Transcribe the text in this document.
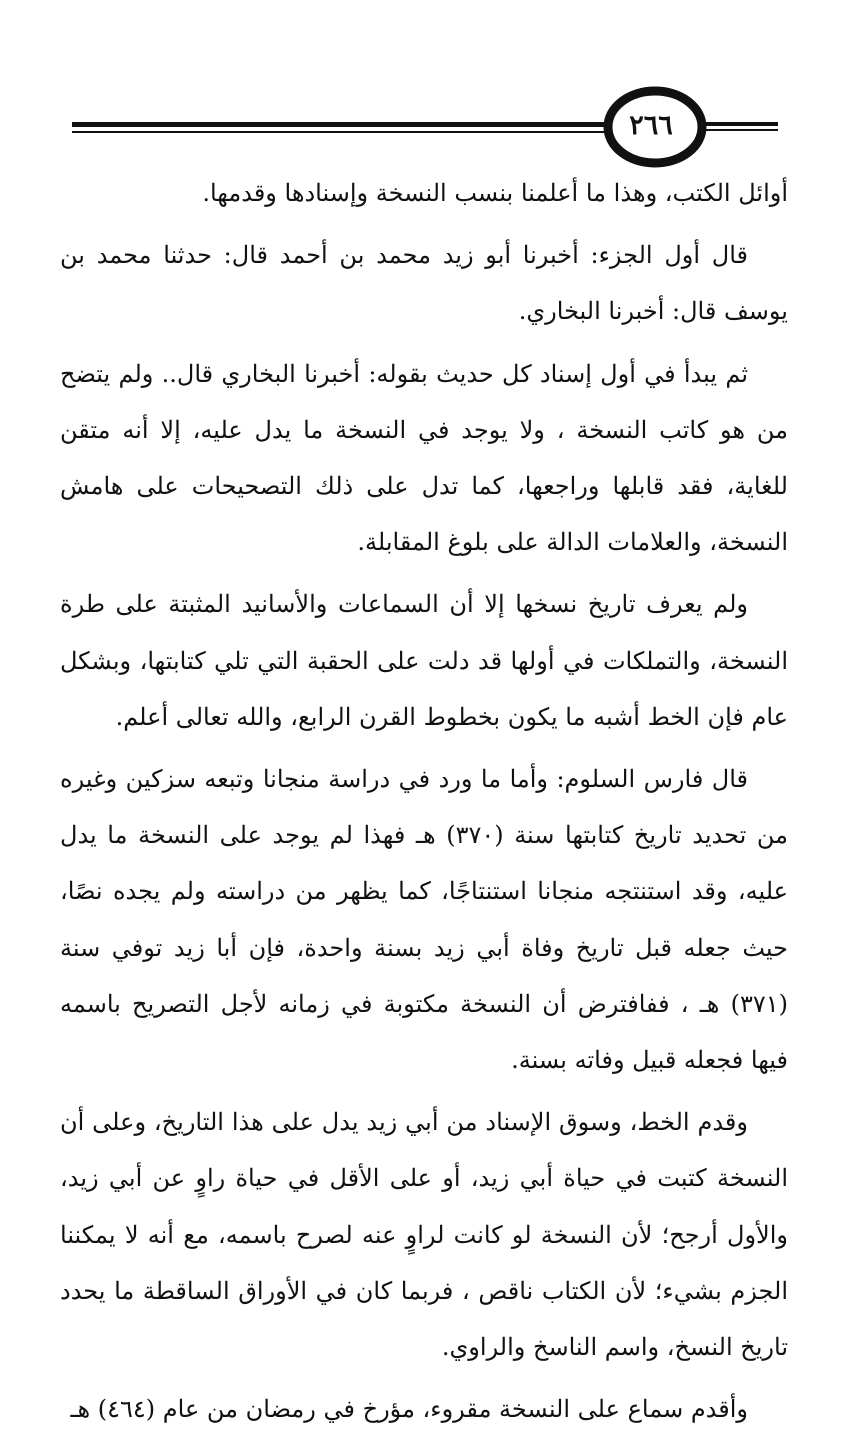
٢٦٦

أوائل الكتب، وهذا ما أعلمنا بنسب النسخة وإسنادها وقدمها.

قال أول الجزء: أخبرنا أبو زيد محمد بن أحمد قال: حدثنا محمد بن يوسف قال: أخبرنا البخاري.

ثم يبدأ في أول إسناد كل حديث بقوله: أخبرنا البخاري قال.. ولم يتضح من هو كاتب النسخة ، ولا يوجد في النسخة ما يدل عليه، إلا أنه متقن للغاية، فقد قابلها وراجعها، كما تدل على ذلك التصحيحات على هامش النسخة، والعلامات الدالة على بلوغ المقابلة.

ولم يعرف تاريخ نسخها إلا أن السماعات والأسانيد المثبتة على طرة النسخة، والتملكات في أولها قد دلت على الحقبة التي تلي كتابتها، وبشكل عام فإن الخط أشبه ما يكون بخطوط القرن الرابع، والله تعالى أعلم.

قال فارس السلوم: وأما ما ورد في دراسة منجانا وتبعه سزكين وغيره من تحديد تاريخ كتابتها سنة (٣٧٠) هـ فهذا لم يوجد على النسخة ما يدل عليه، وقد استنتجه منجانا استنتاجًا، كما يظهر من دراسته ولم يجده نصًا، حيث جعله قبل تاريخ وفاة أبي زيد بسنة واحدة، فإن أبا زيد توفي سنة (٣٧١) هـ ، ففافترض أن النسخة مكتوبة في زمانه لأجل التصريح باسمه فيها فجعله قبيل وفاته بسنة.

وقدم الخط، وسوق الإسناد من أبي زيد يدل على هذا التاريخ، وعلى أن النسخة كتبت في حياة أبي زيد، أو على الأقل في حياة راوٍ عن أبي زيد، والأول أرجح؛ لأن النسخة لو كانت لراوٍ عنه لصرح باسمه، مع أنه لا يمكننا الجزم بشيء؛ لأن الكتاب ناقص ، فربما كان في الأوراق الساقطة ما يحدد تاريخ النسخ، واسم الناسخ والراوي.

وأقدم سماع على النسخة مقروء، مؤرخ في رمضان من عام (٤٦٤) هـ
